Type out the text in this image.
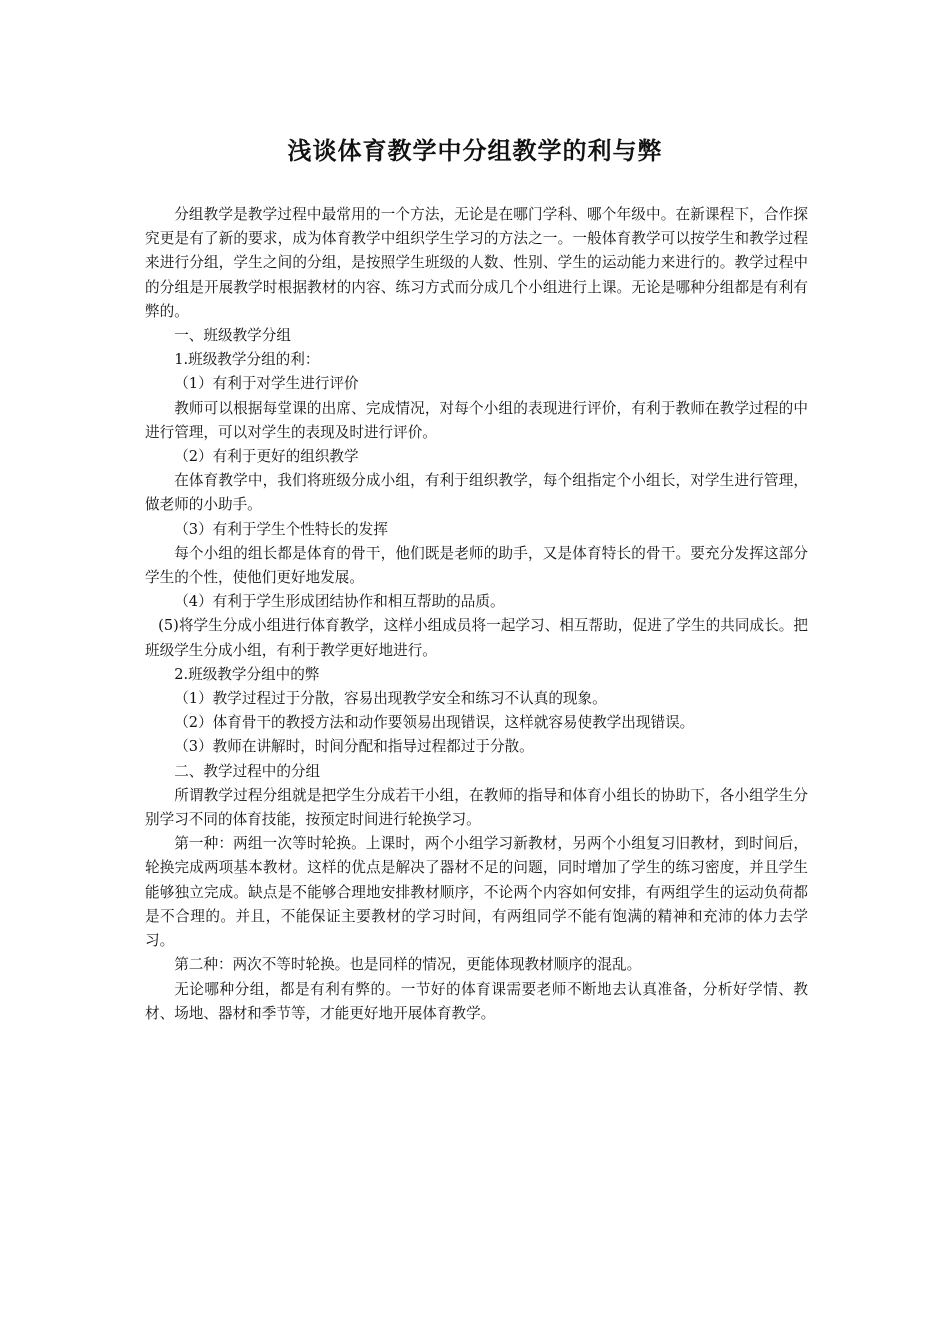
浅谈体育教学中分组教学的利与弊

分组教学是教学过程中最常用的一个方法，无论是在哪门学科、哪个年级中。在新课程下，合作探究更是有了新的要求，成为体育教学中组织学生学习的方法之一。一般体育教学可以按学生和教学过程来进行分组，学生之间的分组，是按照学生班级的人数、性别、学生的运动能力来进行的。教学过程中的分组是开展教学时根据教材的内容、练习方式而分成几个小组进行上课。无论是哪种分组都是有利有弊的。

一、班级教学分组

1.班级教学分组的利：

（1）有利于对学生进行评价

教师可以根据每堂课的出席、完成情况，对每个小组的表现进行评价，有利于教师在教学过程的中进行管理，可以对学生的表现及时进行评价。

（2）有利于更好的组织教学

在体育教学中，我们将班级分成小组，有利于组织教学，每个组指定个小组长，对学生进行管理，做老师的小助手。

（3）有利于学生个性特长的发挥

每个小组的组长都是体育的骨干，他们既是老师的助手，又是体育特长的骨干。要充分发挥这部分学生的个性，使他们更好地发展。

（4）有利于学生形成团结协作和相互帮助的品质。

(5)将学生分成小组进行体育教学，这样小组成员将一起学习、相互帮助，促进了学生的共同成长。把班级学生分成小组，有利于教学更好地进行。

2.班级教学分组中的弊

（1）教学过程过于分散，容易出现教学安全和练习不认真的现象。

（2）体育骨干的教授方法和动作要领易出现错误，这样就容易使教学出现错误。

（3）教师在讲解时，时间分配和指导过程都过于分散。

二、教学过程中的分组

所谓教学过程分组就是把学生分成若干小组，在教师的指导和体育小组长的协助下，各小组学生分别学习不同的体育技能，按预定时间进行轮换学习。

第一种：两组一次等时轮换。上课时，两个小组学习新教材，另两个小组复习旧教材，到时间后，轮换完成两项基本教材。这样的优点是解决了器材不足的问题，同时增加了学生的练习密度，并且学生能够独立完成。缺点是不能够合理地安排教材顺序，不论两个内容如何安排，有两组学生的运动负荷都是不合理的。并且，不能保证主要教材的学习时间，有两组同学不能有饱满的精神和充沛的体力去学习。

第二种：两次不等时轮换。也是同样的情况，更能体现教材顺序的混乱。

无论哪种分组，都是有利有弊的。一节好的体育课需要老师不断地去认真准备，分析好学情、教材、场地、器材和季节等，才能更好地开展体育教学。
